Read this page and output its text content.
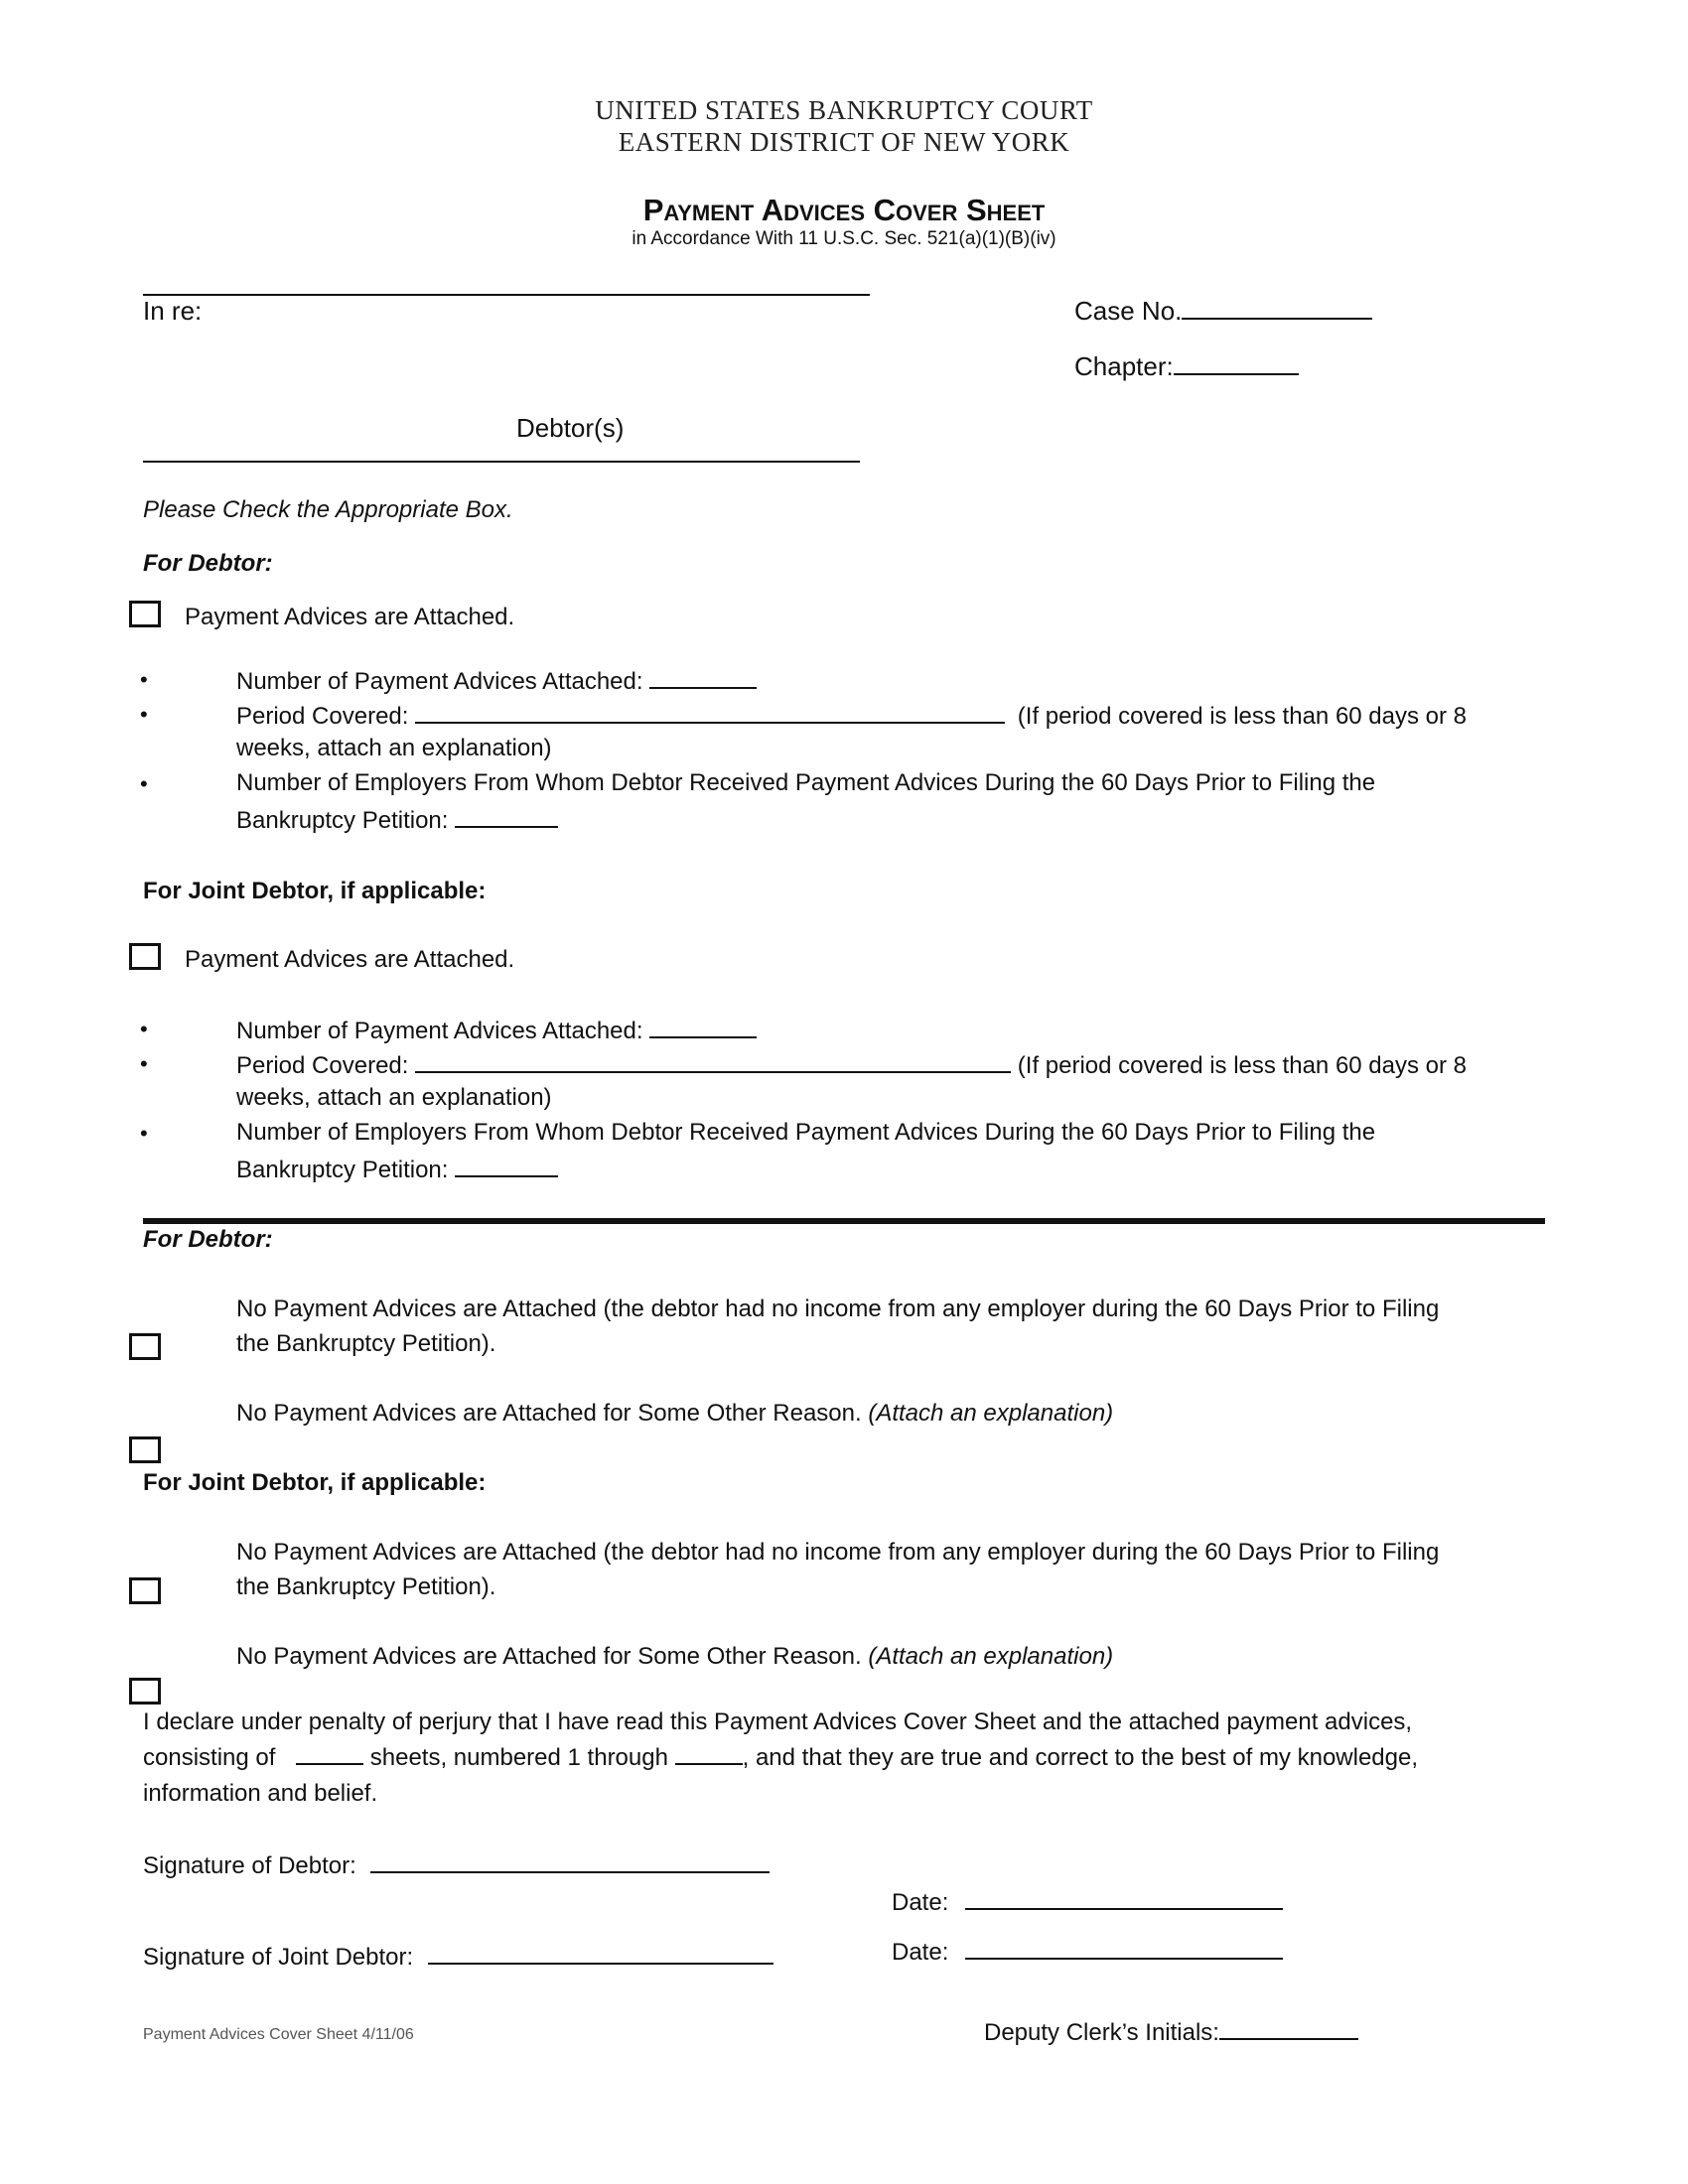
UNITED STATES BANKRUPTCY COURT
EASTERN DISTRICT OF NEW YORK
Payment Advices Cover Sheet
in Accordance With 11 U.S.C. Sec. 521(a)(1)(B)(iv)
In re:	Case No.
Chapter:
Debtor(s)
Please Check the Appropriate Box.
For Debtor:
Payment Advices are Attached.
•	Number of Payment Advices Attached:
•	Period Covered:	(If period covered is less than 60 days or 8
weeks, attach an explanation)
•	Number of Employers From Whom Debtor Received Payment Advices During the 60 Days Prior to Filing the
Bankruptcy Petition:
For Joint Debtor, if applicable:
Payment Advices are Attached.
•	Number of Payment Advices Attached:
•	Period Covered:	(If period covered is less than 60 days or 8
weeks, attach an explanation)
•	Number of Employers From Whom Debtor Received Payment Advices During the 60 Days Prior to Filing the
Bankruptcy Petition:
For Debtor:
No Payment Advices are Attached (the debtor had no income from any employer during the 60 Days Prior to Filing
the Bankruptcy Petition).
No Payment Advices are Attached for Some Other Reason. (Attach an explanation)
For Joint Debtor, if applicable:
No Payment Advices are Attached (the debtor had no income from any employer during the 60 Days Prior to Filing
the Bankruptcy Petition).
No Payment Advices are Attached for Some Other Reason. (Attach an explanation)
I declare under penalty of perjury that I have read this Payment Advices Cover Sheet and the attached payment advices,
consisting of	sheets, numbered 1 through	, and that they are true and correct to the best of my knowledge,
information and belief.
Signature of Debtor:
Date:
Signature of Joint Debtor:	Date:
Payment Advices Cover Sheet 4/11/06	Deputy Clerk’s Initials:
